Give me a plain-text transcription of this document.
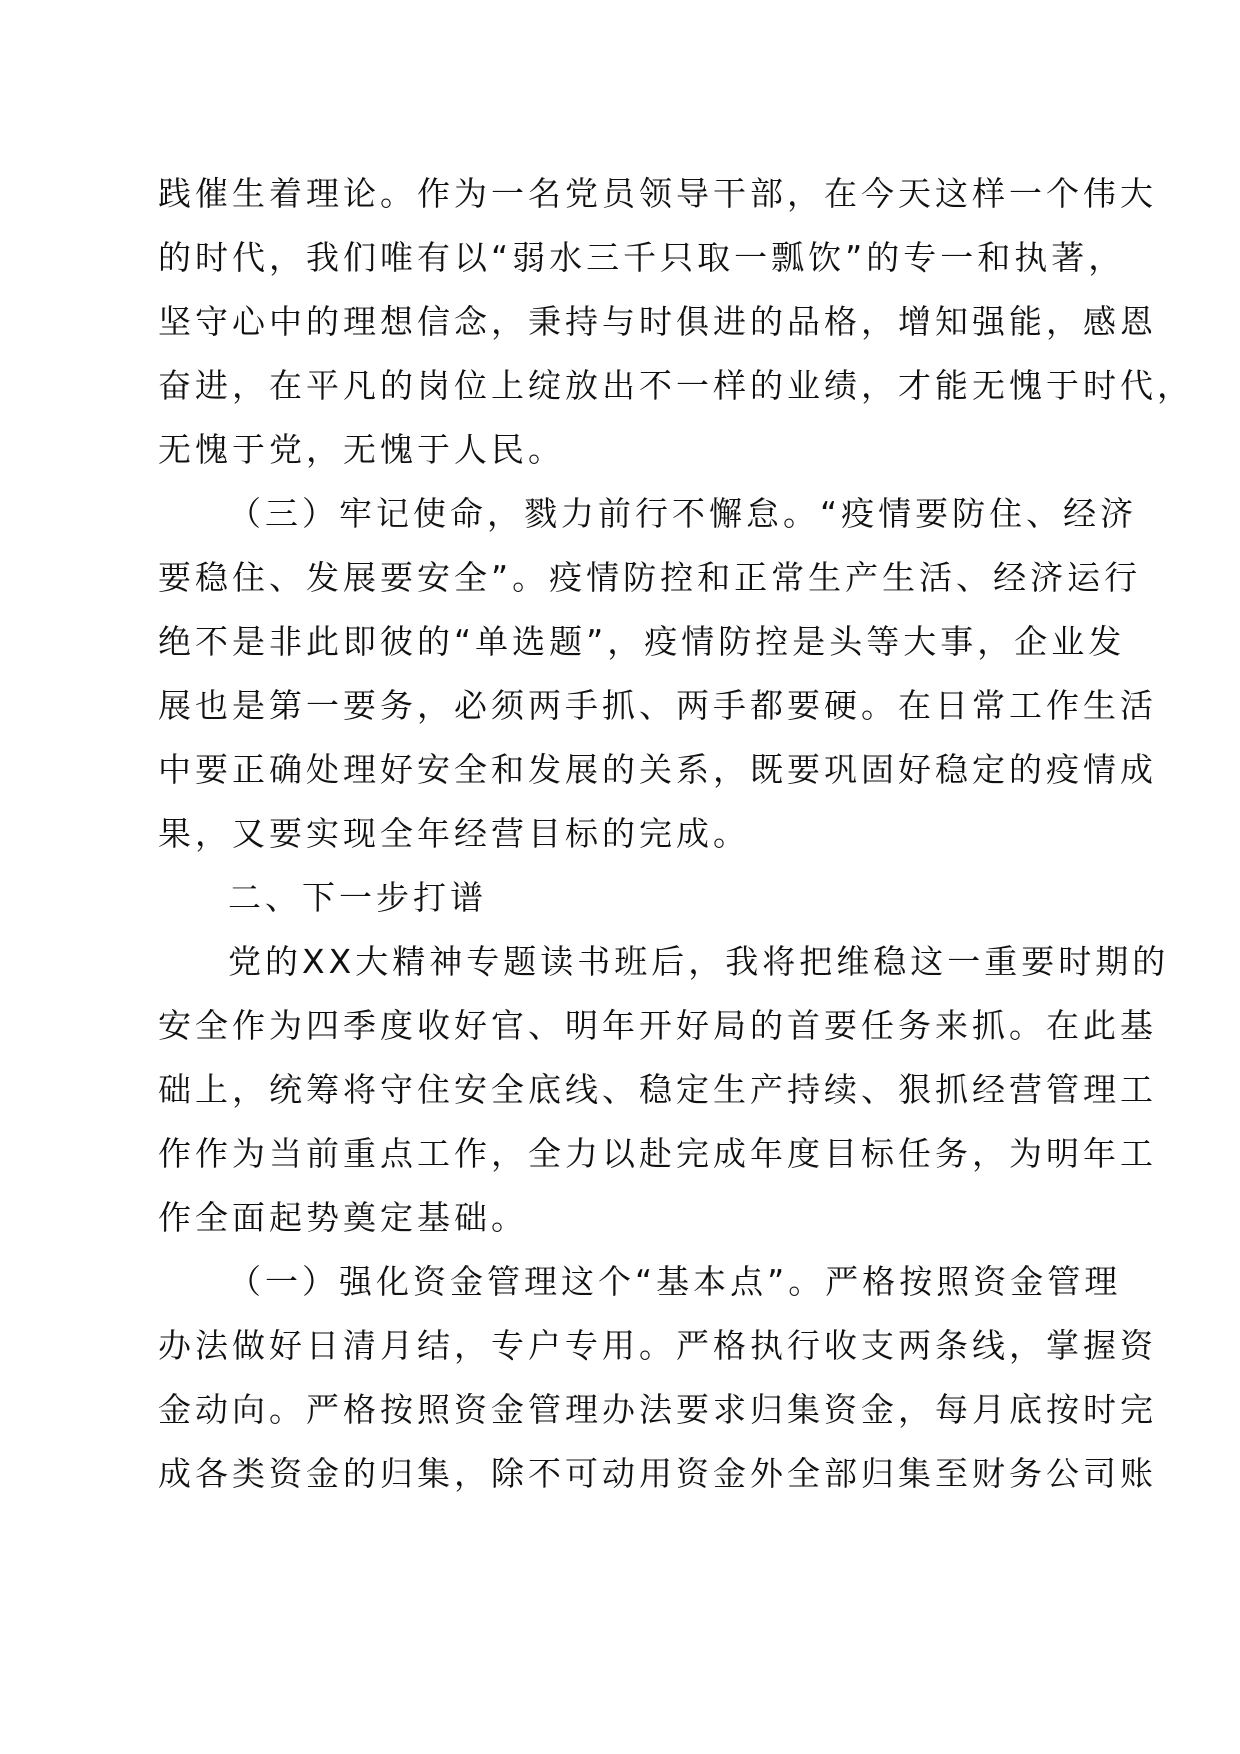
践催生着理论。作为一名党员领导干部，在今天这样一个伟大
的时代，我们唯有以“弱水三千只取一瓢饮”的专一和执著，
坚守心中的理想信念，秉持与时俱进的品格，增知强能，感恩
奋进，在平凡的岗位上绽放出不一样的业绩，才能无愧于时代，
无愧于党，无愧于人民。
（三）牢记使命，戮力前行不懈怠。“疫情要防住、经济
要稳住、发展要安全”。疫情防控和正常生产生活、经济运行
绝不是非此即彼的“单选题”，疫情防控是头等大事，企业发
展也是第一要务，必须两手抓、两手都要硬。在日常工作生活
中要正确处理好安全和发展的关系，既要巩固好稳定的疫情成
果，又要实现全年经营目标的完成。
二、下一步打谱
党的XX大精神专题读书班后，我将把维稳这一重要时期的
安全作为四季度收好官、明年开好局的首要任务来抓。在此基
础上，统筹将守住安全底线、稳定生产持续、狠抓经营管理工
作作为当前重点工作，全力以赴完成年度目标任务，为明年工
作全面起势奠定基础。
（一）强化资金管理这个“基本点”。严格按照资金管理
办法做好日清月结，专户专用。严格执行收支两条线，掌握资
金动向。严格按照资金管理办法要求归集资金，每月底按时完
成各类资金的归集，除不可动用资金外全部归集至财务公司账
